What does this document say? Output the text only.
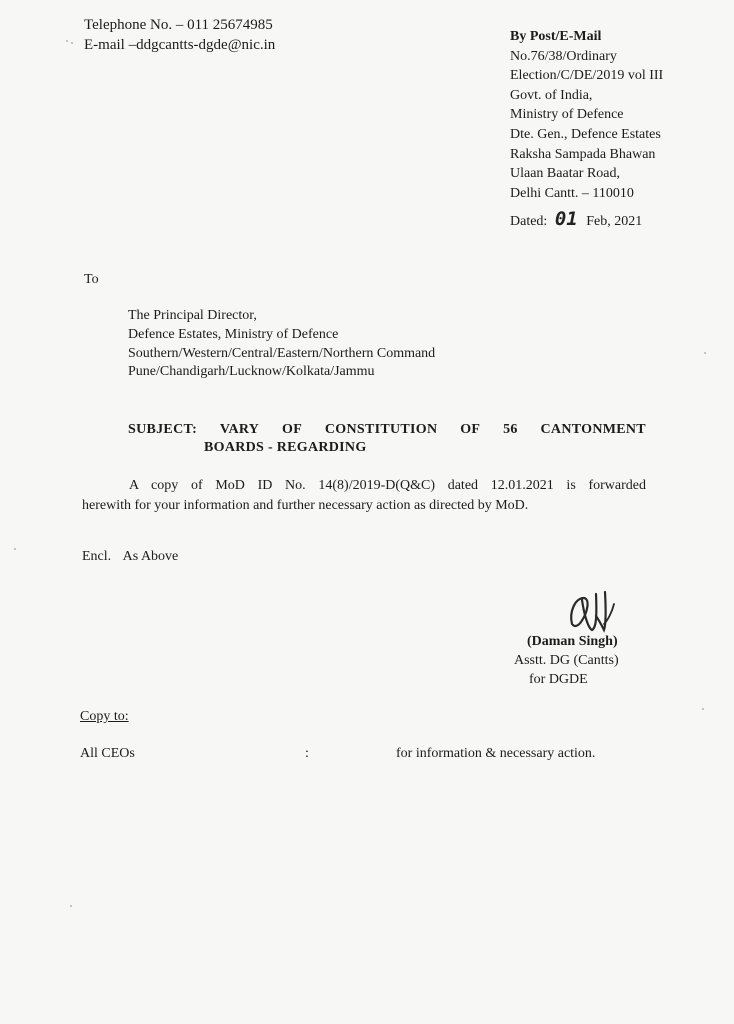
Telephone No. – 011 25674985
E-mail –ddgcantts-dgde@nic.in
By Post/E-Mail
No.76/38/Ordinary
Election/C/DE/2019 vol III
Govt. of India,
Ministry of Defence
Dte. Gen., Defence Estates
Raksha Sampada Bhawan
Ulaan Baatar Road,
Delhi Cantt. – 110010
Dated: 01 Feb, 2021
To
The Principal Director,
Defence Estates, Ministry of Defence
Southern/Western/Central/Eastern/Northern Command
Pune/Chandigarh/Lucknow/Kolkata/Jammu
SUBJECT: VARY OF CONSTITUTION OF 56 CANTONMENT
BOARDS - REGARDING
A copy of MoD ID No. 14(8)/2019-D(Q&C) dated 12.01.2021 is forwarded
herewith for your information and further necessary action as directed by MoD.
Encl. As Above
(Daman Singh)
Asstt. DG (Cantts)
for DGDE
Copy to:
All CEOs	:	for information & necessary action.
